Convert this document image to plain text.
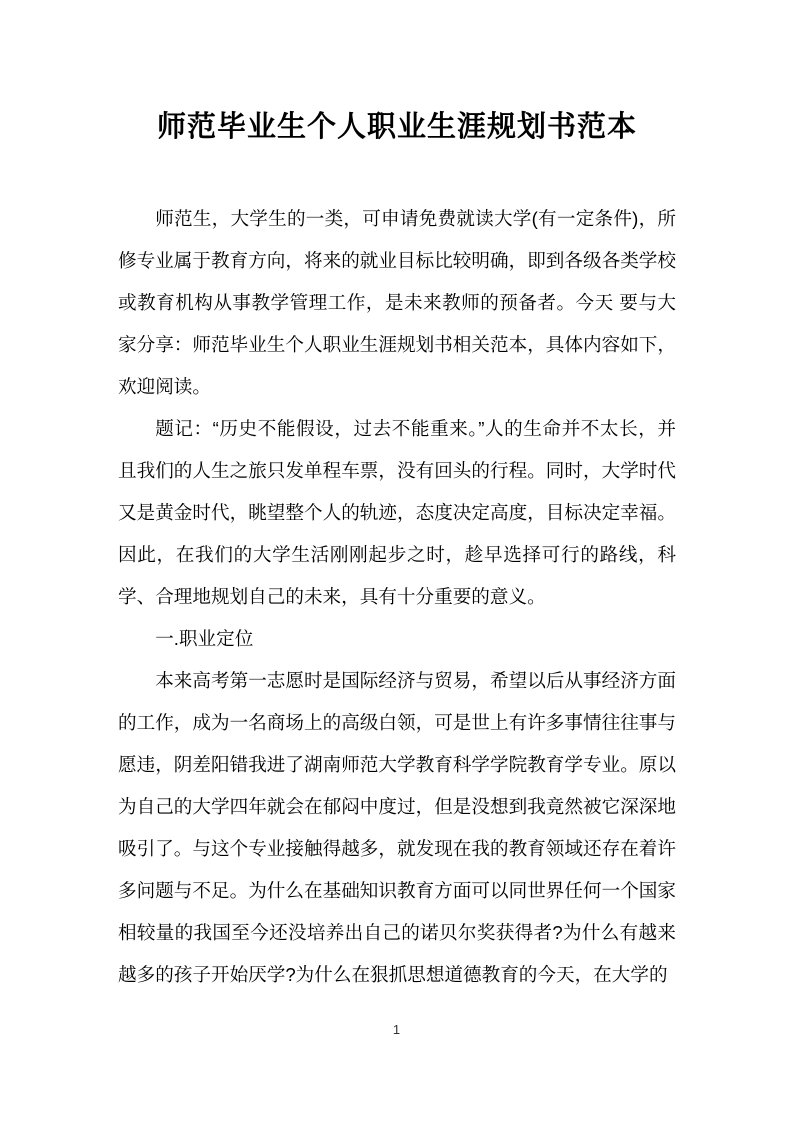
师范毕业生个人职业生涯规划书范本

师范生，大学生的一类，可申请免费就读大学(有一定条件)，所修专业属于教育方向，将来的就业目标比较明确，即到各级各类学校或教育机构从事教学管理工作，是未来教师的预备者。今天 要与大家分享：师范毕业生个人职业生涯规划书相关范本，具体内容如下，欢迎阅读。

题记：“历史不能假设，过去不能重来。”人的生命并不太长，并且我们的人生之旅只发单程车票，没有回头的行程。同时，大学时代又是黄金时代，眺望整个人的轨迹，态度决定高度，目标决定幸福。因此，在我们的大学生活刚刚起步之时，趁早选择可行的路线，科学、合理地规划自己的未来，具有十分重要的意义。

一.职业定位

本来高考第一志愿时是国际经济与贸易，希望以后从事经济方面的工作，成为一名商场上的高级白领，可是世上有许多事情往往事与愿违，阴差阳错我进了湖南师范大学教育科学学院教育学专业。原以为自己的大学四年就会在郁闷中度过，但是没想到我竟然被它深深地吸引了。与这个专业接触得越多，就发现在我的教育领域还存在着许多问题与不足。为什么在基础知识教育方面可以同世界任何一个国家相较量的我国至今还没培养出自己的诺贝尔奖获得者?为什么有越来越多的孩子开始厌学?为什么在狠抓思想道德教育的今天，在大学的

1
